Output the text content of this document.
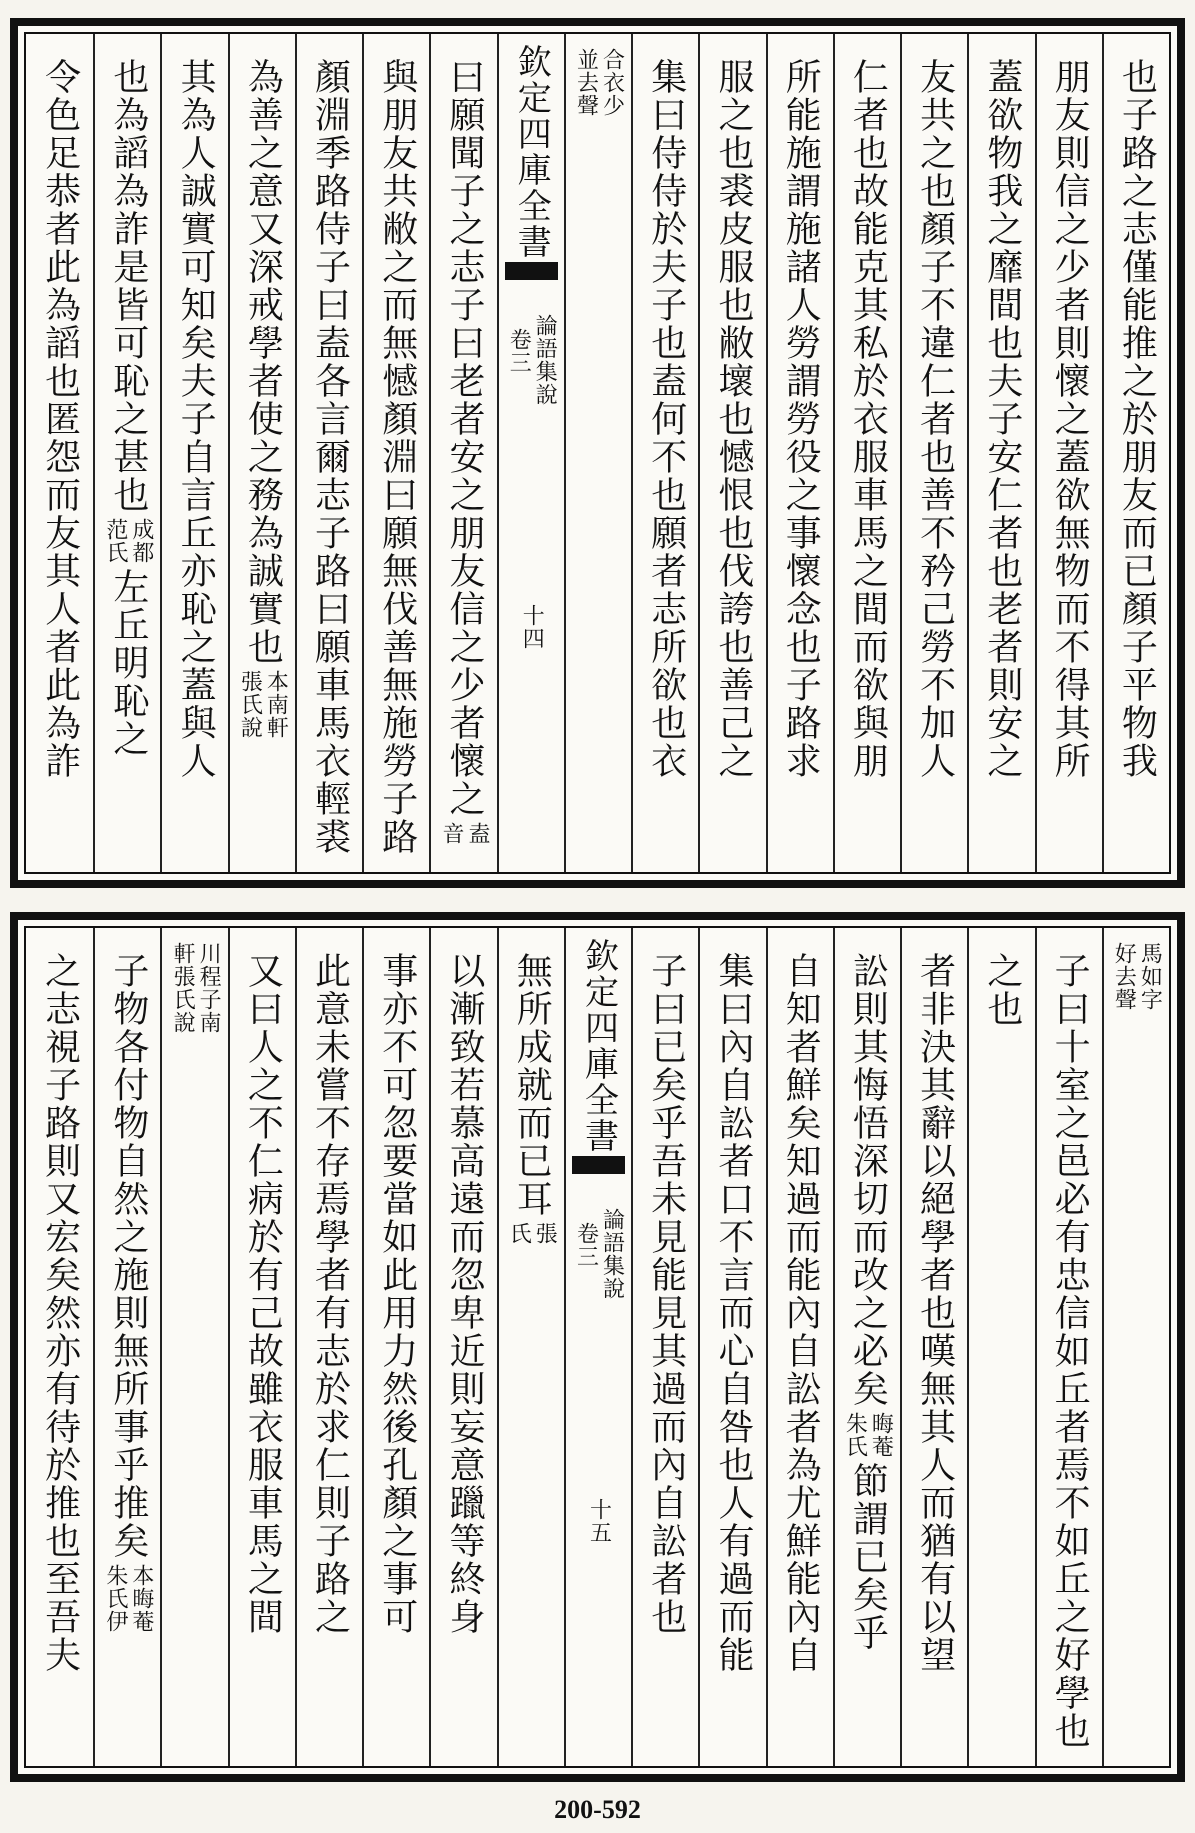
令色足恭者此為謟也匿怨而友其人者此為詐 也為謟為詐是皆可恥之甚也
成都
范氏
左丘明恥之 其為人誠實可知矣夫子自言丘亦恥之蓋與人 為善之意又深戒學者使之務為誠實也
本南軒
張氏說 顏淵季路侍子曰盍各言爾志子路曰願車馬衣輕裘 與朋友共敝之而無憾顏淵曰願無伐善無施勞子路 曰願聞子之志子曰老者安之朋友信之少者懷之
盍
音
欽定四庫全書
論語集說
卷三
十四
合衣少
並去聲 集曰侍侍於夫子也盍何不也願者志所欲也衣 服之也裘皮服也敝壞也憾恨也伐誇也善己之 所能施謂施諸人勞謂勞役之事懷念也子路求 仁者也故能克其私於衣服車馬之間而欲與朋 友共之也顏子不違仁者也善不矜己勞不加人 蓋欲物我之靡間也夫子安仁者也老者則安之 朋友則信之少者則懷之蓋欲無物而不得其所 也子路之志僅能推之於朋友而已顏子平物我
之志視子路則又宏矣然亦有待於推也至吾夫 子物各付物自然之施則無所事乎推矣
本晦菴
朱氏伊
川程子南
軒張氏說 又曰人之不仁病於有己故雖衣服車馬之間 此意未嘗不存焉學者有志於求仁則子路之 事亦不可忽要當如此用力然後孔顏之事可 以漸致若慕高遠而忽卑近則妄意躐等終身 無所成就而已耳
張
氏
欽定四庫全書
論語集說
卷三
十五 子曰已矣乎吾未見能見其過而內自訟者也 集曰內自訟者口不言而心自咎也人有過而能 自知者鮮矣知過而能內自訟者為尤鮮能內自 訟則其悔悟深切而改之必矣
晦菴
朱氏
節謂已矣乎 者非決其辭以絕學者也嘆無其人而猶有以望 之也 子曰十室之邑必有忠信如丘者焉不如丘之好學也 馬如字
好去聲
200-592
